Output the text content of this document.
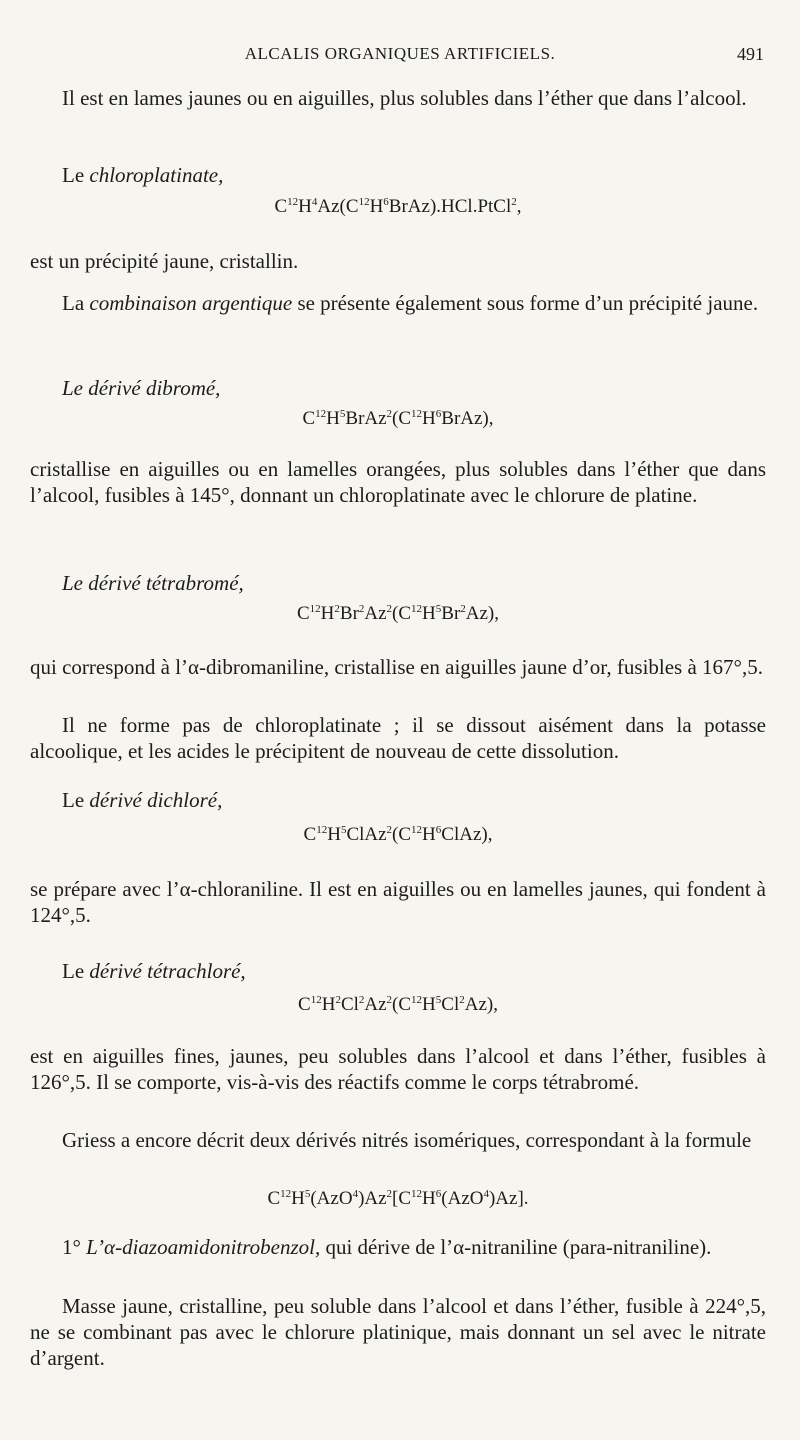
ALCALIS ORGANIQUES ARTIFICIELS.	491

Il est en lames jaunes ou en aiguilles, plus solubles dans l’éther que dans l’alcool.

Le chloroplatinate,
$C^{12}H^4Az(C^{12}H^6BrAz).HCl.PtCl^2$,

est un précipité jaune, cristallin.

La combinaison argentique se présente également sous forme d’un précipité jaune.

Le dérivé dibromé,
$C^{12}H^5BrAz^2(C^{12}H^6BrAz)$,

cristallise en aiguilles ou en lamelles orangées, plus solubles dans l’éther que dans l’alcool, fusibles à 145°, donnant un chloroplatinate avec le chlorure de platine.

Le dérivé tétrabromé,
$C^{12}H^2Br^2Az^2(C^{12}H^5Br^2Az)$,

qui correspond à l’α-dibromaniline, cristallise en aiguilles jaune d’or, fusibles à 167°,5.

Il ne forme pas de chloroplatinate ; il se dissout aisément dans la potasse alcoolique, et les acides le précipitent de nouveau de cette dissolution.

Le dérivé dichloré,
$C^{12}H^5ClAz^2(C^{12}H^6ClAz)$,

se prépare avec l’α-chloraniline. Il est en aiguilles ou en lamelles jaunes, qui fondent à 124°,5.

Le dérivé tétrachloré,
$C^{12}H^2Cl^2Az^2(C^{12}H^5Cl^2Az)$,

est en aiguilles fines, jaunes, peu solubles dans l’alcool et dans l’éther, fusibles à 126°,5. Il se comporte, vis-à-vis des réactifs comme le corps tétrabromé.

Griess a encore décrit deux dérivés nitrés isomériques, correspondant à la formule

$C^{12}H^5(AzO^4)Az^2[C^{12}H^6(AzO^4)Az]$.

1° L’α-diazoamidonitrobenzol, qui dérive de l’α-nitraniline (para-nitraniline).

Masse jaune, cristalline, peu soluble dans l’alcool et dans l’éther, fusible à 224°,5, ne se combinant pas avec le chlorure platinique, mais donnant un sel avec le nitrate d’argent.
